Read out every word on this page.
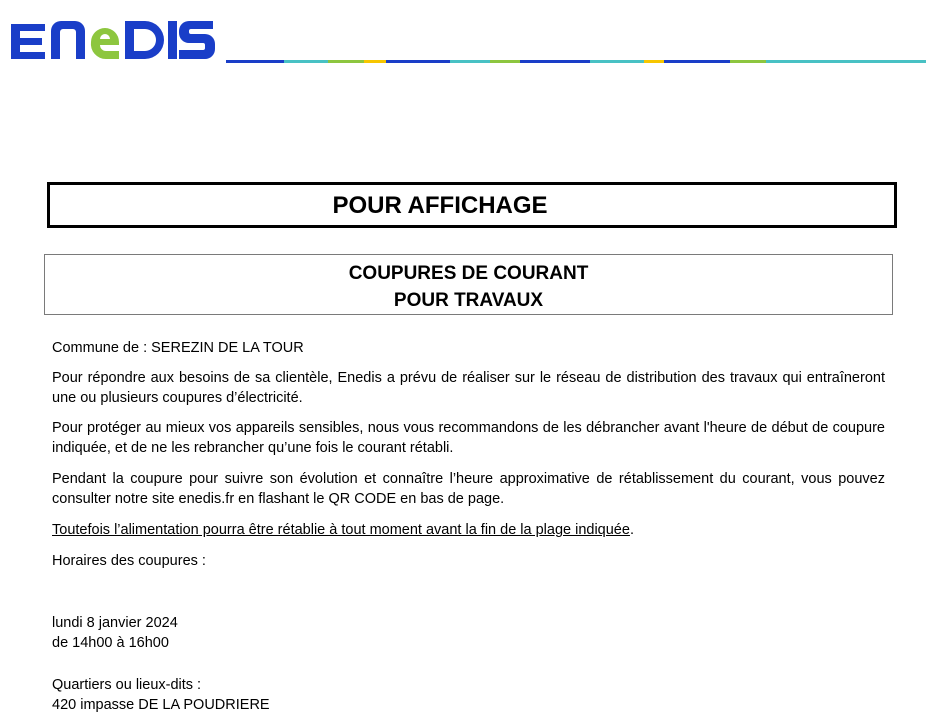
POUR AFFICHAGE
COUPURES DE COURANT
POUR TRAVAUX
Commune de : SEREZIN DE LA TOUR
Pour répondre aux besoins de sa clientèle, Enedis a prévu de réaliser sur le réseau de distribution des travaux qui entraîneront une ou plusieurs coupures d’électricité.
Pour protéger au mieux vos appareils sensibles, nous vous recommandons de les débrancher avant l'heure de début de coupure indiquée, et de ne les rebrancher qu’une fois le courant rétabli.
Pendant la coupure pour suivre son évolution et connaître l’heure approximative de rétablissement du courant, vous pouvez consulter notre site enedis.fr en flashant le QR CODE en bas de page.
Toutefois l’alimentation pourra être rétablie à tout moment avant la fin de la plage indiquée.
Horaires des coupures :
lundi 8 janvier 2024
de 14h00 à 16h00
Quartiers ou lieux-dits :
420 impasse DE LA POUDRIERE
